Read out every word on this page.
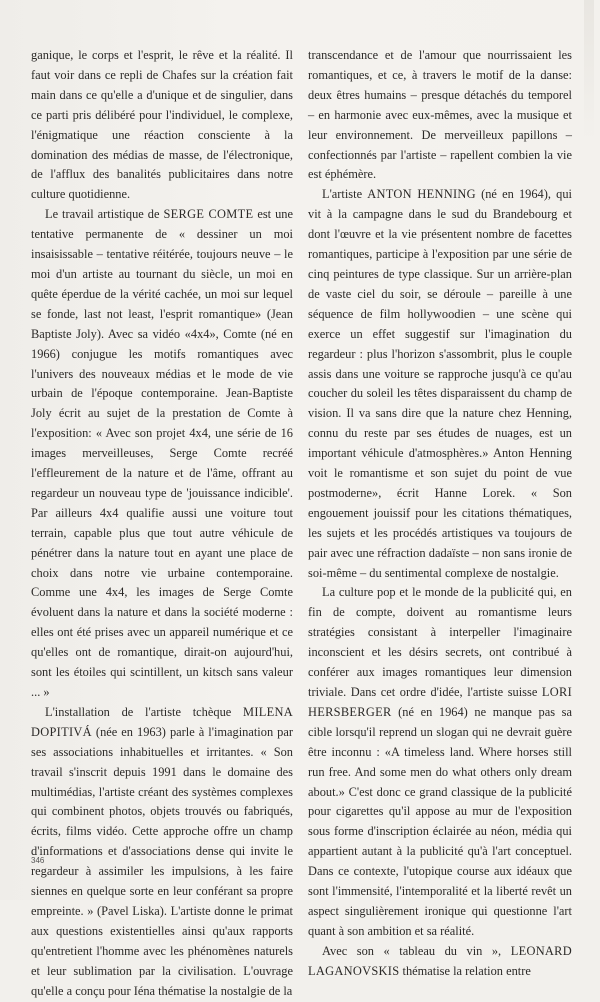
ganique, le corps et l'esprit, le rêve et la réalité. Il faut voir dans ce repli de Chafes sur la création fait main dans ce qu'elle a d'unique et de singulier, dans ce parti pris délibéré pour l'individuel, le complexe, l'énigmatique une réaction consciente à la domination des médias de masse, de l'électronique, de l'afflux des banalités publicitaires dans notre culture quotidienne.

Le travail artistique de SERGE COMTE est une tentative permanente de « dessiner un moi insaisissable – tentative réitérée, toujours neuve – le moi d'un artiste au tournant du siècle, un moi en quête éperdue de la vérité cachée, un moi sur lequel se fonde, last not least, l'esprit romantique» (Jean Baptiste Joly). Avec sa vidéo «4x4», Comte (né en 1966) conjugue les motifs romantiques avec l'univers des nouveaux médias et le mode de vie urbain de l'époque contemporaine. Jean-Baptiste Joly écrit au sujet de la prestation de Comte à l'exposition: « Avec son projet 4x4, une série de 16 images merveilleuses, Serge Comte recréé l'effleurement de la nature et de l'âme, offrant au regardeur un nouveau type de 'jouissance indicible'. Par ailleurs 4x4 qualifie aussi une voiture tout terrain, capable plus que tout autre véhicule de pénétrer dans la nature tout en ayant une place de choix dans notre vie urbaine contemporaine. Comme une 4x4, les images de Serge Comte évoluent dans la nature et dans la société moderne : elles ont été prises avec un appareil numérique et ce qu'elles ont de romantique, dirait-on aujourd'hui, sont les étoiles qui scintillent, un kitsch sans valeur ... »

L'installation de l'artiste tchèque MILENA DOPITIVÁ (née en 1963) parle à l'imagination par ses associations inhabituelles et irritantes. « Son travail s'inscrit depuis 1991 dans le domaine des multimédias, l'artiste créant des systèmes complexes qui combinent photos, objets trouvés ou fabriqués, écrits, films vidéo. Cette approche offre un champ d'informations et d'associations dense qui invite le regardeur à assimiler les impulsions, à les faire siennes en quelque sorte en leur conférant sa propre empreinte. » (Pavel Liska). L'artiste donne le primat aux questions existentielles ainsi qu'aux rapports qu'entretient l'homme avec les phénomènes naturels et leur sublimation par la civilisation. L'ouvrage qu'elle a conçu pour Iéna thématise la nostalgie de la

transcendance et de l'amour que nourrissaient les romantiques, et ce, à travers le motif de la danse: deux êtres humains – presque détachés du temporel – en harmonie avec eux-mêmes, avec la musique et leur environnement. De merveilleux papillons – confectionnés par l'artiste – rapellent combien la vie est éphémère.

L'artiste ANTON HENNING (né en 1964), qui vit à la campagne dans le sud du Brandebourg et dont l'œuvre et la vie présentent nombre de facettes romantiques, participe à l'exposition par une série de cinq peintures de type classique. Sur un arrière-plan de vaste ciel du soir, se déroule – pareille à une séquence de film hollywoodien – une scène qui exerce un effet suggestif sur l'imagination du regardeur : plus l'horizon s'assombrit, plus le couple assis dans une voiture se rapproche jusqu'à ce qu'au coucher du soleil les têtes disparaissent du champ de vision. Il va sans dire que la nature chez Henning, connu du reste par ses études de nuages, est un important véhicule d'atmosphères.» Anton Henning voit le romantisme et son sujet du point de vue postmoderne», écrit Hanne Lorek. « Son engouement jouissif pour les citations thématiques, les sujets et les procédés artistiques va toujours de pair avec une réfraction dadaïste – non sans ironie de soi-même – du sentimental complexe de nostalgie.

La culture pop et le monde de la publicité qui, en fin de compte, doivent au romantisme leurs stratégies consistant à interpeller l'imaginaire inconscient et les désirs secrets, ont contribué à conférer aux images romantiques leur dimension triviale. Dans cet ordre d'idée, l'artiste suisse LORI HERSBERGER (né en 1964) ne manque pas sa cible lorsqu'il reprend un slogan qui ne devrait guère être inconnu : «A timeless land. Where horses still run free. And some men do what others only dream about.» C'est donc ce grand classique de la publicité pour cigarettes qu'il appose au mur de l'exposition sous forme d'inscription éclairée au néon, média qui appartient autant à la publicité qu'à l'art conceptuel. Dans ce contexte, l'utopique course aux idéaux que sont l'immensité, l'intemporalité et la liberté revêt un aspect singulièrement ironique qui questionne l'art quant à son ambition et sa réalité.

Avec son « tableau du vin », LEONARD LAGANOVSKIS thématise la relation entre

346
